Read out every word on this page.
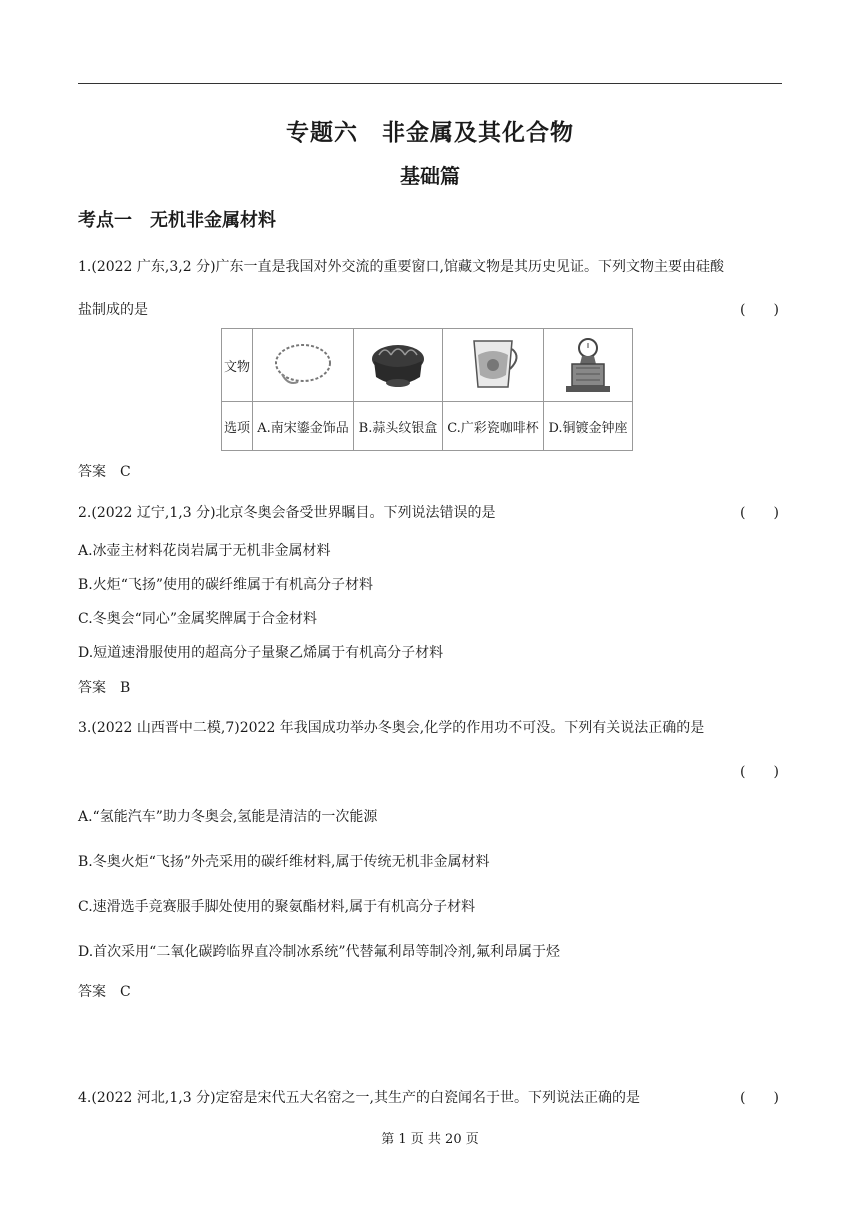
专题六　非金属及其化合物
基础篇
考点一　无机非金属材料
1.(2022 广东,3,2 分)广东一直是我国对外交流的重要窗口,馆藏文物是其历史见证。下列文物主要由硅酸
盐制成的是	(　　)
文物	

选项	A.南宋鎏金饰品	B.蒜头纹银盒	C.广彩瓷咖啡杯	D.铜镀金钟座
答案　C
2.(2022 辽宁,1,3 分)北京冬奥会备受世界瞩目。下列说法错误的是	(　　)
A.冰壶主材料花岗岩属于无机非金属材料
B.火炬“飞扬”使用的碳纤维属于有机高分子材料
C.冬奥会“同心”金属奖牌属于合金材料
D.短道速滑服使用的超高分子量聚乙烯属于有机高分子材料
答案　B
3.(2022 山西晋中二模,7)2022 年我国成功举办冬奥会,化学的作用功不可没。下列有关说法正确的是
(　　)
A.“氢能汽车”助力冬奥会,氢能是清洁的一次能源
B.冬奥火炬“飞扬”外壳采用的碳纤维材料,属于传统无机非金属材料
C.速滑选手竞赛服手脚处使用的聚氨酯材料,属于有机高分子材料
D.首次采用“二氧化碳跨临界直冷制冰系统”代替氟利昂等制冷剂,氟利昂属于烃
答案　C
4.(2022 河北,1,3 分)定窑是宋代五大名窑之一,其生产的白瓷闻名于世。下列说法正确的是	(　　)
第 1 页 共 20 页
